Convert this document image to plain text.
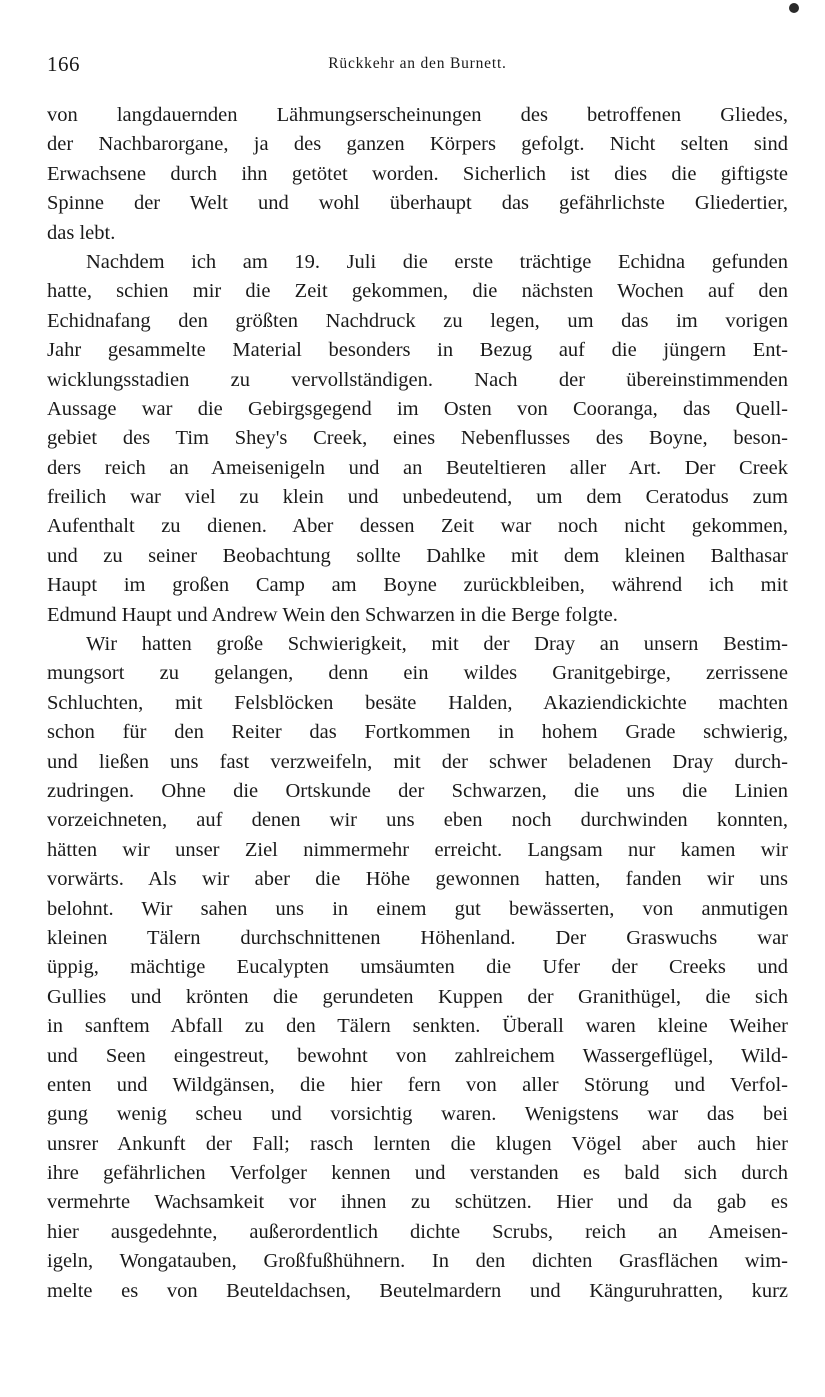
166	Rückkehr an den Burnett.
von langdauernden Lähmungserscheinungen des betroffenen Gliedes,
der Nachbarorgane, ja des ganzen Körpers gefolgt. Nicht selten sind
Erwachsene durch ihn getötet worden. Sicherlich ist dies die giftigste
Spinne der Welt und wohl überhaupt das gefährlichste Gliedertier,
das lebt.
Nachdem ich am 19. Juli die erste trächtige Echidna gefunden
hatte, schien mir die Zeit gekommen, die nächsten Wochen auf den
Echidnafang den größten Nachdruck zu legen, um das im vorigen
Jahr gesammelte Material besonders in Bezug auf die jüngern Ent-
wicklungsstadien zu vervollständigen. Nach der übereinstimmenden
Aussage war die Gebirgsgegend im Osten von Cooranga, das Quell-
gebiet des Tim Shey's Creek, eines Nebenflusses des Boyne, beson-
ders reich an Ameisenigeln und an Beuteltieren aller Art. Der Creek
freilich war viel zu klein und unbedeutend, um dem Ceratodus zum
Aufenthalt zu dienen. Aber dessen Zeit war noch nicht gekommen,
und zu seiner Beobachtung sollte Dahlke mit dem kleinen Balthasar
Haupt im großen Camp am Boyne zurückbleiben, während ich mit
Edmund Haupt und Andrew Wein den Schwarzen in die Berge folgte.
Wir hatten große Schwierigkeit, mit der Dray an unsern Bestim-
mungsort zu gelangen, denn ein wildes Granitgebirge, zerrissene
Schluchten, mit Felsblöcken besäte Halden, Akaziendickichte machten
schon für den Reiter das Fortkommen in hohem Grade schwierig,
und ließen uns fast verzweifeln, mit der schwer beladenen Dray durch-
zudringen. Ohne die Ortskunde der Schwarzen, die uns die Linien
vorzeichneten, auf denen wir uns eben noch durchwinden konnten,
hätten wir unser Ziel nimmermehr erreicht. Langsam nur kamen wir
vorwärts. Als wir aber die Höhe gewonnen hatten, fanden wir uns
belohnt. Wir sahen uns in einem gut bewässerten, von anmutigen
kleinen Tälern durchschnittenen Höhenland. Der Graswuchs war
üppig, mächtige Eucalypten umsäumten die Ufer der Creeks und
Gullies und krönten die gerundeten Kuppen der Granithügel, die sich
in sanftem Abfall zu den Tälern senkten. Überall waren kleine Weiher
und Seen eingestreut, bewohnt von zahlreichem Wassergeflügel, Wild-
enten und Wildgänsen, die hier fern von aller Störung und Verfol-
gung wenig scheu und vorsichtig waren. Wenigstens war das bei
unsrer Ankunft der Fall; rasch lernten die klugen Vögel aber auch hier
ihre gefährlichen Verfolger kennen und verstanden es bald sich durch
vermehrte Wachsamkeit vor ihnen zu schützen. Hier und da gab es
hier ausgedehnte, außerordentlich dichte Scrubs, reich an Ameisen-
igeln, Wongatauben, Großfußhühnern. In den dichten Grasflächen wim-
melte es von Beuteldachsen, Beutelmardern und Känguruhratten, kurz
